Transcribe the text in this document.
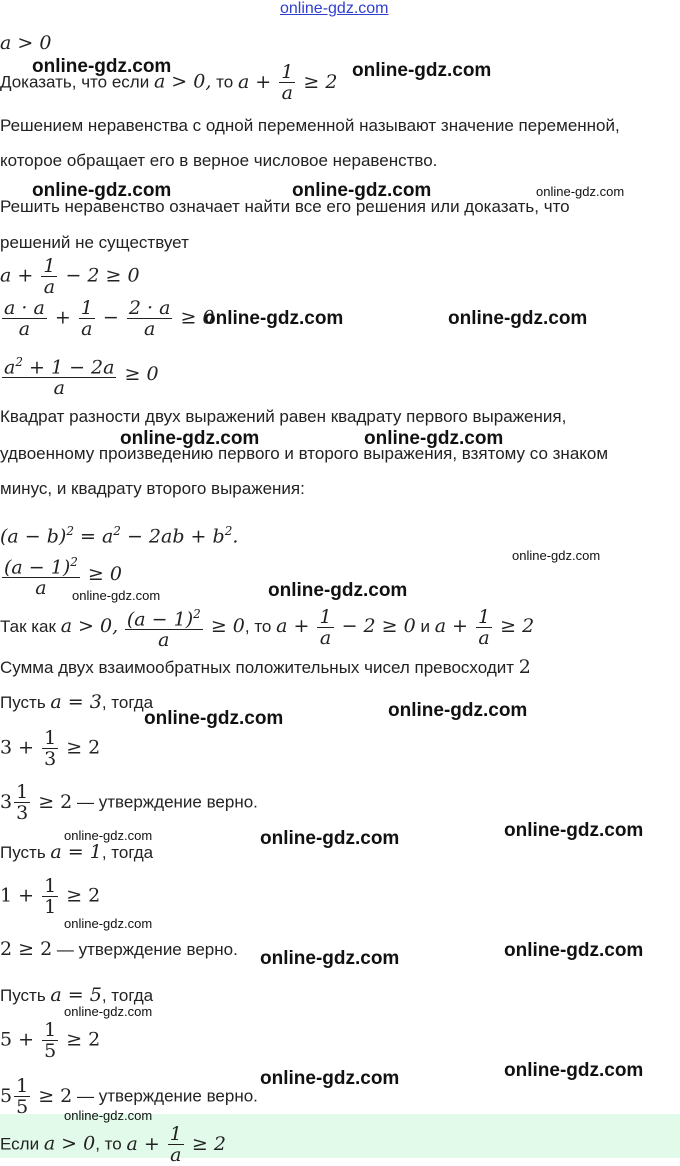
online-gdz.com
a > 0
Доказать, что если a > 0, то $a + \frac{1}{a} \ge 2$
Решением неравенства с одной переменной называют значение переменной,
которое обращает его в верное числовое неравенство.
Решить неравенство означает найти все его решения или доказать, что
решений не существует
$a + \frac{1}{a} - 2 \ge 0$
$\frac{a \cdot a}{a} + \frac{1}{a} - \frac{2 \cdot a}{a} \ge 0$
$\frac{a^2 + 1 - 2a}{a} \ge 0$
Квадрат разности двух выражений равен квадрату первого выражения,
удвоенному произведению первого и второго выражения, взятому со знаком
минус, и квадрату второго выражения:
$(a - b)^2 = a^2 - 2ab + b^2$.
$\frac{(a - 1)^2}{a} \ge 0$
Так как a > 0, $\frac{(a - 1)^2}{a} \ge 0$, то $a + \frac{1}{a} - 2 \ge 0$ и $a + \frac{1}{a} \ge 2$
Сумма двух взаимообратных положительных чисел превосходит 2
Пусть a = 3, тогда
$3 + \frac{1}{3} \ge 2$
$3 \frac{1}{3} \ge 2$ — утверждение верно.
Пусть a = 1, тогда
$1 + \frac{1}{1} \ge 2$
2 ≥ 2 — утверждение верно.
Пусть a = 5, тогда
$5 + \frac{1}{5} \ge 2$
$5 \frac{1}{5} \ge 2$ — утверждение верно.
Если a > 0, то $a + \frac{1}{a} \ge 2$
online-gdz.com	online-gdz.com
online-gdz.com	online-gdz.com	online-gdz.com
online-gdz.com	online-gdz.com
online-gdz.com	online-gdz.com
online-gdz.com
online-gdz.com
online-gdz.com
online-gdz.com	online-gdz.com
online-gdz.com	online-gdz.com	online-gdz.com
online-gdz.com
online-gdz.com	online-gdz.com
online-gdz.com
online-gdz.com	online-gdz.com
online-gdz.com
